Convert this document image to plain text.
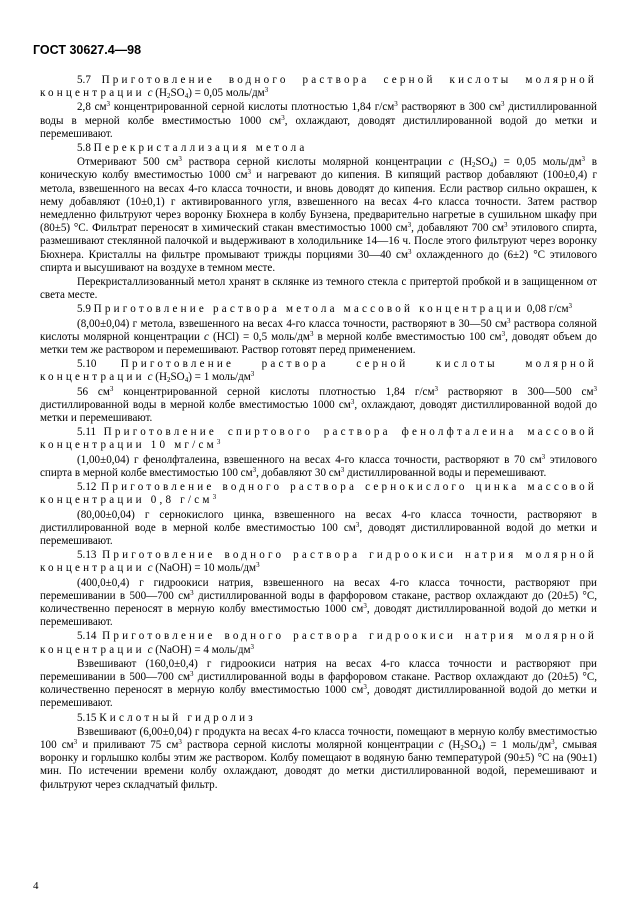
ГОСТ 30627.4—98

5.7 Приготовление водного раствора серной кислоты молярной концентрации c $(H_2SO_4) = 0,05$ моль/$дм^3$

2,8 $см^3$ концентрированной серной кислоты плотностью 1,84 $г/см^3$ растворяют в 300 $см^3$ дистиллированной воды в мерной колбе вместимостью 1000 $см^3$, охлаждают, доводят дистиллированной водой до метки и перемешивают.

5.8 Перекристаллизация метола

Отмеривают 500 $см^3$ раствора серной кислоты молярной концентрации c $(H_2SO_4) = 0,05$ моль/$дм^3$ в коническую колбу вместимостью 1000 $см^3$ и нагревают до кипения. В кипящий раствор добавляют (100±0,4) г метола, взвешенного на весах 4-го класса точности, и вновь доводят до кипения. Если раствор сильно окрашен, к нему добавляют (10±0,1) г активированного угля, взвешенного на весах 4-го класса точности. Затем раствор немедленно фильтруют через воронку Бюхнера в колбу Бунзена, предварительно нагретые в сушильном шкафу при (80±5) °С. Фильтрат переносят в химический стакан вместимостью 1000 $см^3$, добавляют 700 $см^3$ этилового спирта, размешивают стеклянной палочкой и выдерживают в холодильнике 14—16 ч. После этого фильтруют через воронку Бюхнера. Кристаллы на фильтре промывают трижды порциями 30—40 $см^3$ охлажденного до (6±2) °С этилового спирта и высушивают на воздухе в темном месте.

Перекристаллизованный метол хранят в склянке из темного стекла с притертой пробкой и в защищенном от света месте.

5.9 Приготовление раствора метола массовой концентрации 0,08 $г/см^3$

(8,00±0,04) г метола, взвешенного на весах 4-го класса точности, растворяют в 30—50 $см^3$ раствора соляной кислоты молярной концентрации c (HCl) = 0,5 моль/$дм^3$ в мерной колбе вместимостью 100 $см^3$, доводят объем до метки тем же раствором и перемешивают. Раствор готовят перед применением.

5.10 Приготовление раствора серной кислоты молярной концентрации c $(H_2SO_4) = 1$ моль/$дм^3$

56 $см^3$ концентрированной серной кислоты плотностью 1,84 $г/см^3$ растворяют в 300—500 $см^3$ дистиллированной воды в мерной колбе вместимостью 1000 $см^3$, охлаждают, доводят дистиллированной водой до метки и перемешивают.

5.11 Приготовление спиртового раствора фенолфталеина массовой концентрации 10 $мг/см^3$

(1,00±0,04) г фенолфталеина, взвешенного на весах 4-го класса точности, растворяют в 70 $см^3$ этилового спирта в мерной колбе вместимостью 100 $см^3$, добавляют 30 $см^3$ дистиллированной воды и перемешивают.

5.12 Приготовление водного раствора сернокислого цинка массовой концентрации 0,8 $г/см^3$

(80,00±0,04) г сернокислого цинка, взвешенного на весах 4-го класса точности, растворяют в дистиллированной воде в мерной колбе вместимостью 100 $см^3$, доводят дистиллированной водой до метки и перемешивают.

5.13 Приготовление водного раствора гидроокиси натрия молярной концентрации c (NaOH) = 10 моль/$дм^3$

(400,0±0,4) г гидроокиси натрия, взвешенного на весах 4-го класса точности, растворяют при перемешивании в 500—700 $см^3$ дистиллированной воды в фарфоровом стакане, раствор охлаждают до (20±5) °С, количественно переносят в мерную колбу вместимостью 1000 $см^3$, доводят дистиллированной водой до метки и перемешивают.

5.14 Приготовление водного раствора гидроокиси натрия молярной концентрации c (NaOH) = 4 моль/$дм^3$

Взвешивают (160,0±0,4) г гидроокиси натрия на весах 4-го класса точности и растворяют при перемешивании в 500—700 $см^3$ дистиллированной воды в фарфоровом стакане. Раствор охлаждают до (20±5) °С, количественно переносят в мерную колбу вместимостью 1000 $см^3$, доводят дистиллированной водой до метки и перемешивают.

5.15 Кислотный гидролиз

Взвешивают (6,00±0,04) г продукта на весах 4-го класса точности, помещают в мерную колбу вместимостью 100 $см^3$ и приливают 75 $см^3$ раствора серной кислоты молярной концентрации c $(H_2SO_4) = 1$ моль/$дм^3$, смывая воронку и горлышко колбы этим же раствором. Колбу помещают в водяную баню температурой (90±5) °С на (90±1) мин. По истечении времени колбу охлаждают, доводят до метки дистиллированной водой, перемешивают и фильтруют через складчатый фильтр.

4
